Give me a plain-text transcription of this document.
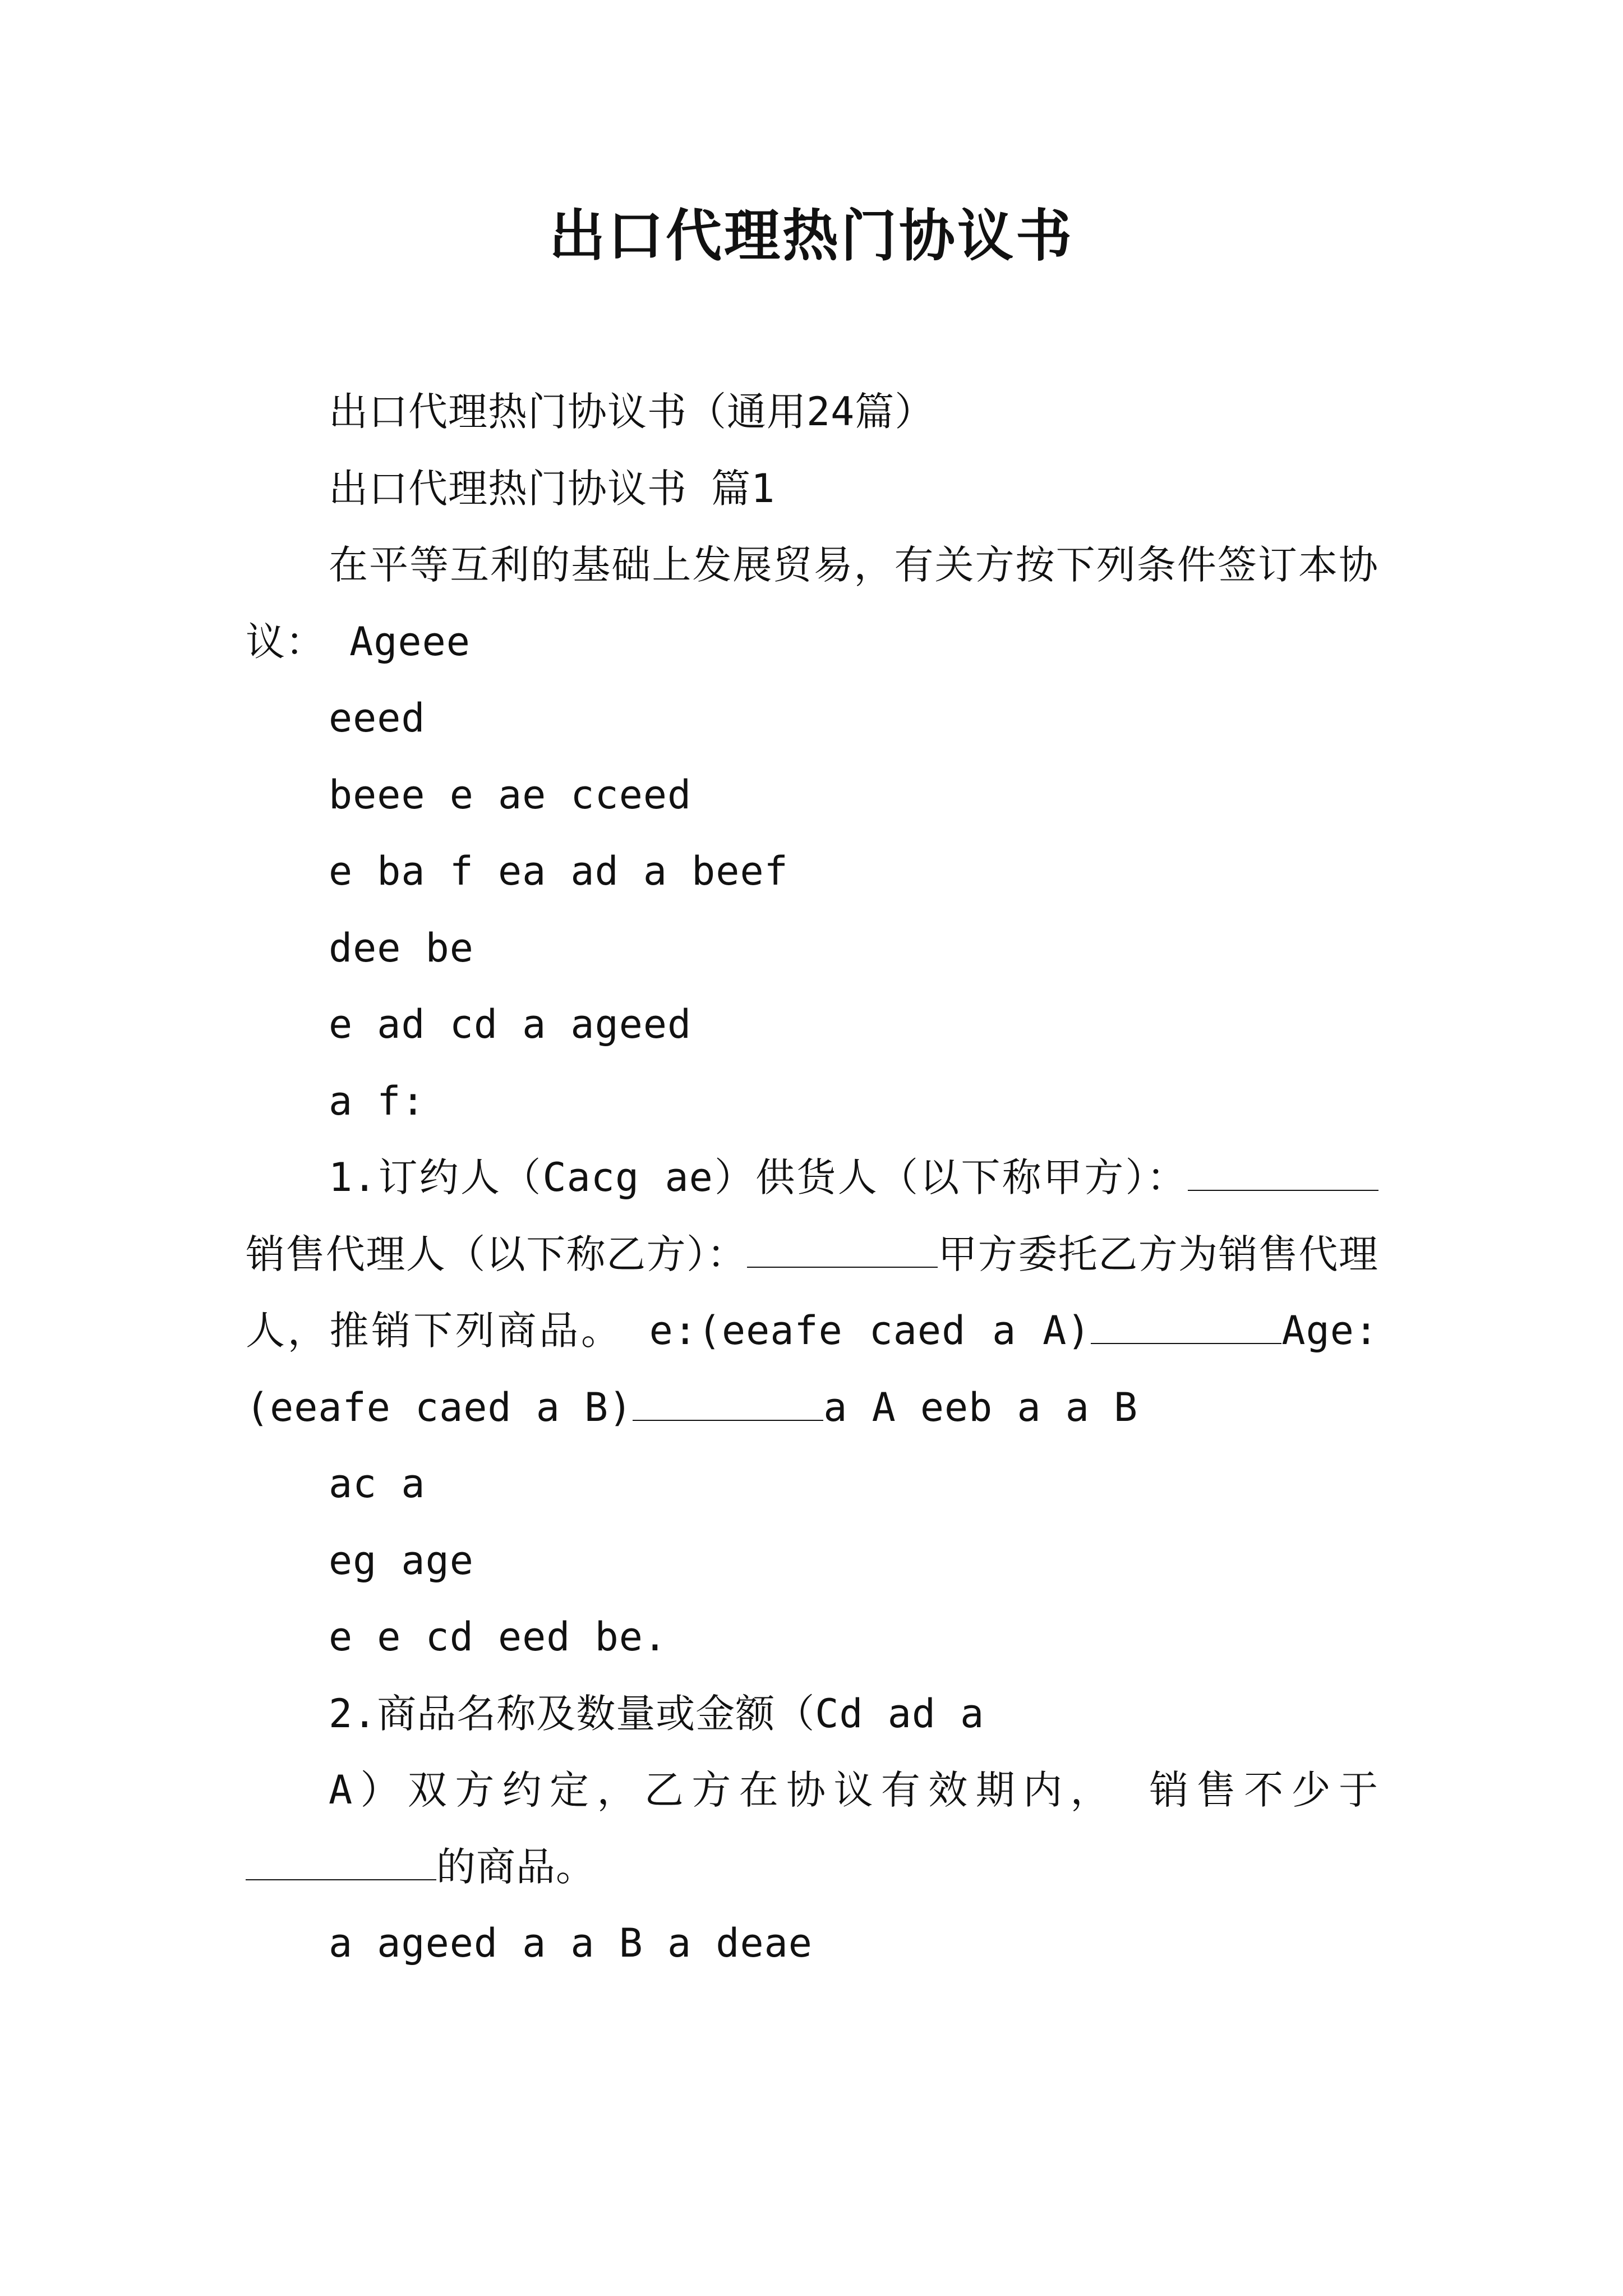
出口代理热门协议书

出口代理热门协议书（通用24篇）

出口代理热门协议书 篇1

在平等互利的基础上发展贸易，有关方按下列条件签订本协议： Ageee

eeed

beee e ae cceed

e ba f ea ad a beef

dee be

e ad cd a ageed

a f:

1.订约人（Cacg ae）供货人（以下称甲方）：销售代理人（以下称乙方）：	甲方委托乙方为销售代理人，推销下列商品。 e:(eeafe caed a A)	Age:(eeafe caed a B)	a A eeb a a B

ac a

eg age

e e cd eed be.

2.商品名称及数量或金额（Cd ad a

A）双方约定，乙方在协议有效期内， 销售不少于的商品。

a ageed a a B a deae
